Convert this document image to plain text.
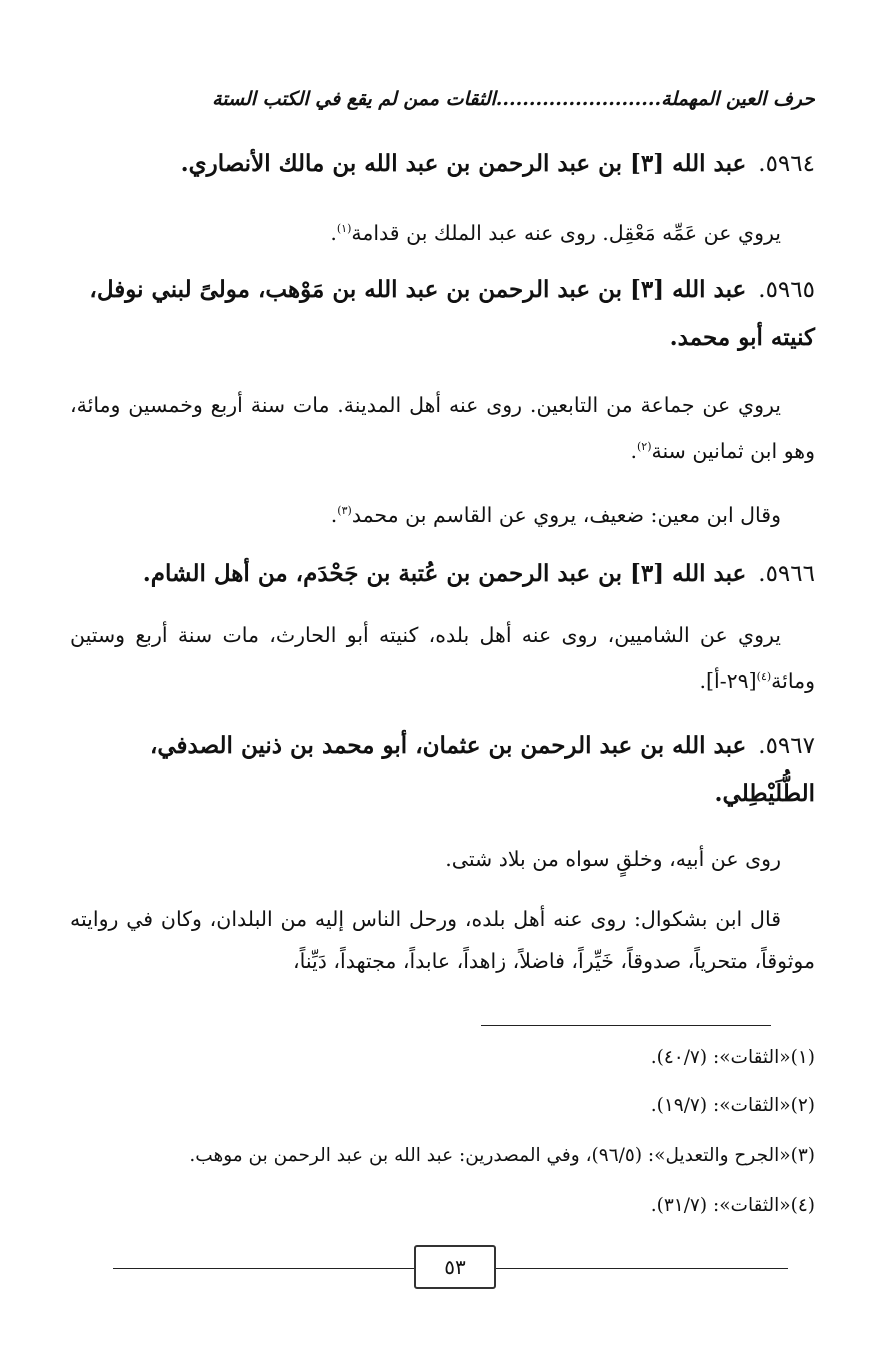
حرف العين المهملة.........................الثقات ممن لم يقع في الكتب الستة
٥٩٦٤.عبد الله [٣] بن عبد الرحمن بن عبد الله بن مالك الأنصاري.
يروي عن عَمِّه مَعْقِل. روى عنه عبد الملك بن قدامة$^{(١)}$.
٥٩٦٥.عبد الله [٣] بن عبد الرحمن بن عبد الله بن مَوْهب، مولىً لبني نوفل، كنيته أبو محمد.
يروي عن جماعة من التابعين. روى عنه أهل المدينة. مات سنة أربع وخمسين ومائة، وهو ابن ثمانين سنة$^{(٢)}$.
وقال ابن معين: ضعيف، يروي عن القاسم بن محمد$^{(٣)}$.
٥٩٦٦.عبد الله [٣] بن عبد الرحمن بن عُتبة بن جَحْدَم، من أهل الشام.
يروي عن الشاميين، روى عنه أهل بلده، كنيته أبو الحارث، مات سنة أربع وستين ومائة$^{(٤)}$[٢٩-أ].
٥٩٦٧.عبد الله بن عبد الرحمن بن عثمان، أبو محمد بن ذنين الصدفي، الطُّلَيْطِلي.
روى عن أبيه، وخلقٍ سواه من بلاد شتى.
قال ابن بشكوال: روى عنه أهل بلده، ورحل الناس إليه من البلدان، وكان في روايته موثوقاً، متحرياً، صدوقاً، خَيِّراً، فاضلاً، زاهداً، عابداً، مجتهداً، دَيِّناً،
(١)«الثقات»: (٤٠/٧).
(٢)«الثقات»: (١٩/٧).
(٣)«الجرح والتعديل»: (٩٦/٥)، وفي المصدرين: عبد الله بن عبد الرحمن بن موهب.
(٤)«الثقات»: (٣١/٧).
٥٣
